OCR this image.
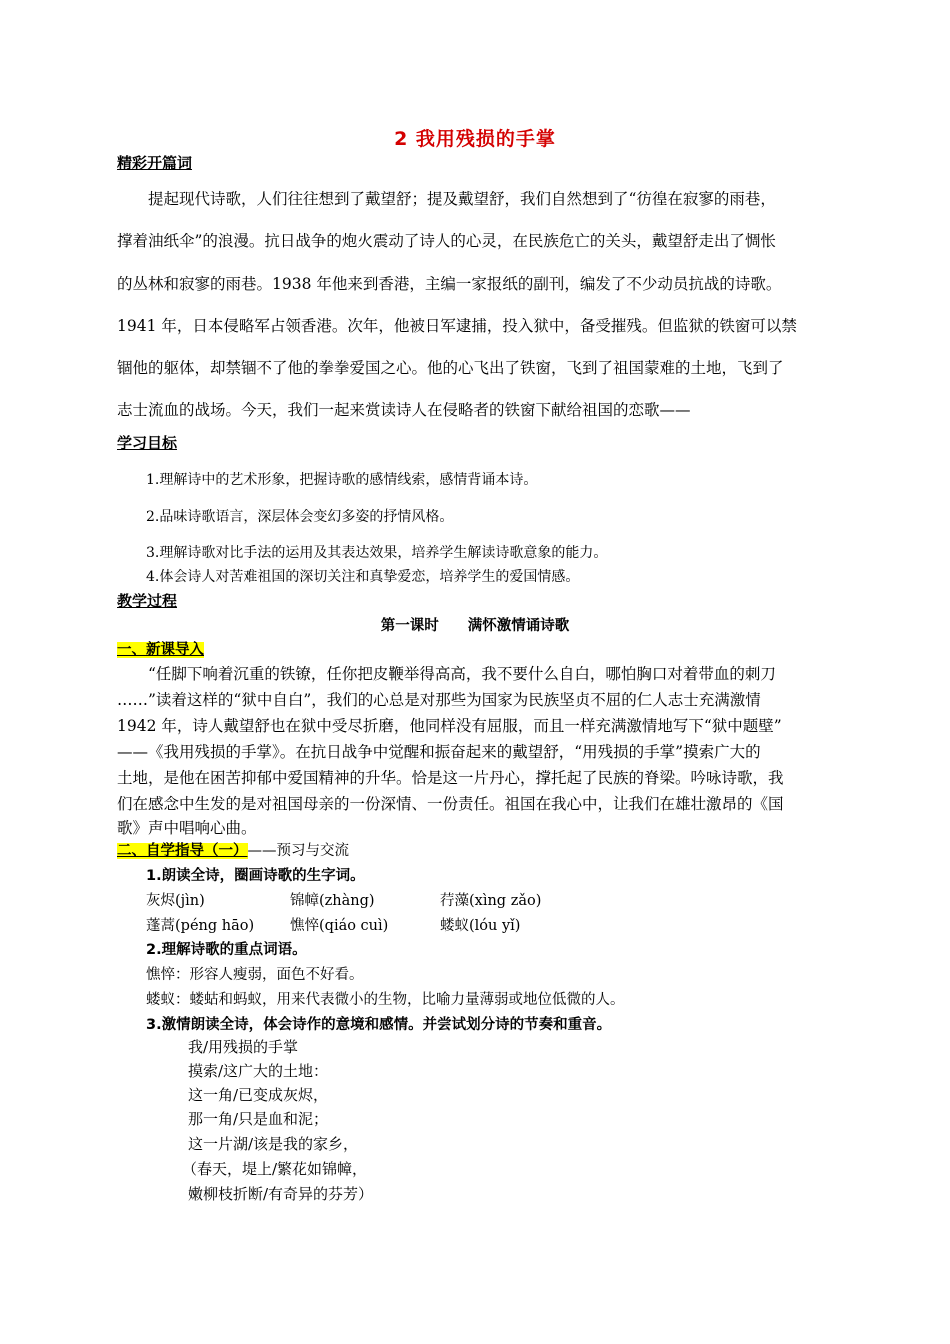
2 我用残损的手掌
精彩开篇词
　　提起现代诗歌，人们往往想到了戴望舒；提及戴望舒，我们自然想到了“彷徨在寂寥的雨巷，
撑着油纸伞”的浪漫。抗日战争的炮火震动了诗人的心灵，在民族危亡的关头，戴望舒走出了惆怅
的丛林和寂寥的雨巷。1938 年他来到香港，主编一家报纸的副刊，编发了不少动员抗战的诗歌。
1941 年，日本侵略军占领香港。次年，他被日军逮捕，投入狱中，备受摧残。但监狱的铁窗可以禁
锢他的躯体，却禁锢不了他的拳拳爱国之心。他的心飞出了铁窗，飞到了祖国蒙难的土地，飞到了
志士流血的战场。今天，我们一起来赏读诗人在侵略者的铁窗下献给祖国的恋歌——
学习目标
1.理解诗中的艺术形象，把握诗歌的感情线索，感情背诵本诗。
2.品味诗歌语言，深层体会变幻多姿的抒情风格。
3.理解诗歌对比手法的运用及其表达效果，培养学生解读诗歌意象的能力。
4.体会诗人对苦难祖国的深切关注和真挚爱恋，培养学生的爱国情感。
教学过程
第一课时　　满怀激情诵诗歌
一、新课导入
　　“任脚下响着沉重的铁镣，任你把皮鞭举得高高，我不要什么自白，哪怕胸口对着带血的刺刀
……”读着这样的“狱中自白”，我们的心总是对那些为国家为民族坚贞不屈的仁人志士充满激情
1942 年，诗人戴望舒也在狱中受尽折磨，他同样没有屈服，而且一样充满激情地写下“狱中题壁”
——《我用残损的手掌》。在抗日战争中觉醒和振奋起来的戴望舒，“用残损的手掌”摸索广大的
土地，是他在困苦抑郁中爱国精神的升华。恰是这一片丹心，撑托起了民族的脊梁。吟咏诗歌，我
们在感念中生发的是对祖国母亲的一份深情、一份责任。祖国在我心中，让我们在雄壮激昂的《国
歌》声中唱响心曲。
二、自学指导（一）——预习与交流
1.朗读全诗，圈画诗歌的生字词。
灰烬(jìn)	锦幛(zhàng)	荇藻(xìng zǎo)
蓬蒿(péng hāo) 憔悴(qiáo cuì)	蝼蚁(lóu yǐ)
2.理解诗歌的重点词语。
憔悴：形容人瘦弱，面色不好看。
蝼蚁：蝼蛄和蚂蚁，用来代表微小的生物，比喻力量薄弱或地位低微的人。
3.激情朗读全诗，体会诗作的意境和感情。并尝试划分诗的节奏和重音。
我/用残损的手掌
摸索/这广大的土地：
这一角/已变成灰烬，
那一角/只是血和泥；
这一片湖/该是我的家乡，
（春天，堤上/繁花如锦幛，
嫩柳枝折断/有奇异的芬芳）
